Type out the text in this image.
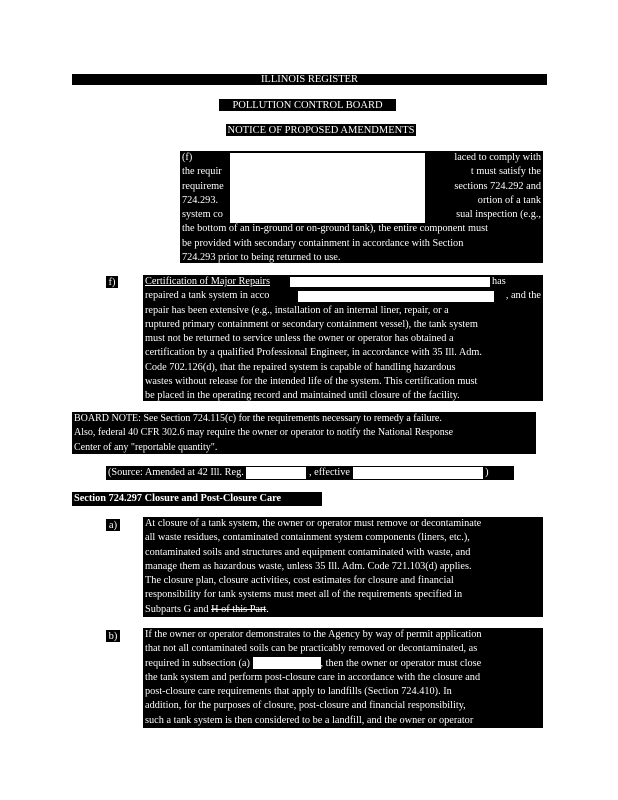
ILLINOIS REGISTER
POLLUTION CONTROL BOARD
NOTICE OF PROPOSED AMENDMENTS

(f)

the requir

requireme

724.293.

system co

the bottom of an in-ground or on-ground tank), the entire component must

be provided with secondary containment in accordance with Section

724.293 prior to being returned to use.

laced to comply with

t must satisfy the

sections 724.292 and

ortion of a tank

sual inspection (e.g.,

f)	Certification of Major Repairs

repaired a tank system in acco

repair has been extensive (e.g., installation of an internal liner, repair, or a

ruptured primary containment or secondary containment vessel), the tank system

must not be returned to service unless the owner or operator has obtained a

certification by a qualified Professional Engineer, in accordance with 35 Ill. Adm.

Code 702.126(d), that the repaired system is capable of handling hazardous

wastes without release for the intended life of the system. This certification must

be placed in the operating record and maintained until closure of the facility.

has

, and the

BOARD NOTE: See Section 724.115(c) for the requirements necessary to remedy a failure.

Also, federal 40 CFR 302.6 may require the owner or operator to notify the National Response

Center of any "reportable quantity".

(Source: Amended at 42 Ill. Reg.	, effective	)

Section 724.297 Closure and Post-Closure Care

a)	At closure of a tank system, the owner or operator must remove or decontaminate

all waste residues, contaminated containment system components (liners, etc.),

contaminated soils and structures and equipment contaminated with waste, and

manage them as hazardous waste, unless 35 Ill. Adm. Code 721.103(d) applies.

The closure plan, closure activities, cost estimates for closure and financial

responsibility for tank systems must meet all of the requirements specified in

Subparts G and H of this Part.

b)	If the owner or operator demonstrates to the Agency by way of permit application

that not all contaminated soils can be practicably removed or decontaminated, as

required in subsection (a)	, then the owner or operator must close

the tank system and perform post-closure care in accordance with the closure and

post-closure care requirements that apply to landfills (Section 724.410). In

addition, for the purposes of closure, post-closure and financial responsibility,

such a tank system is then considered to be a landfill, and the owner or operator
